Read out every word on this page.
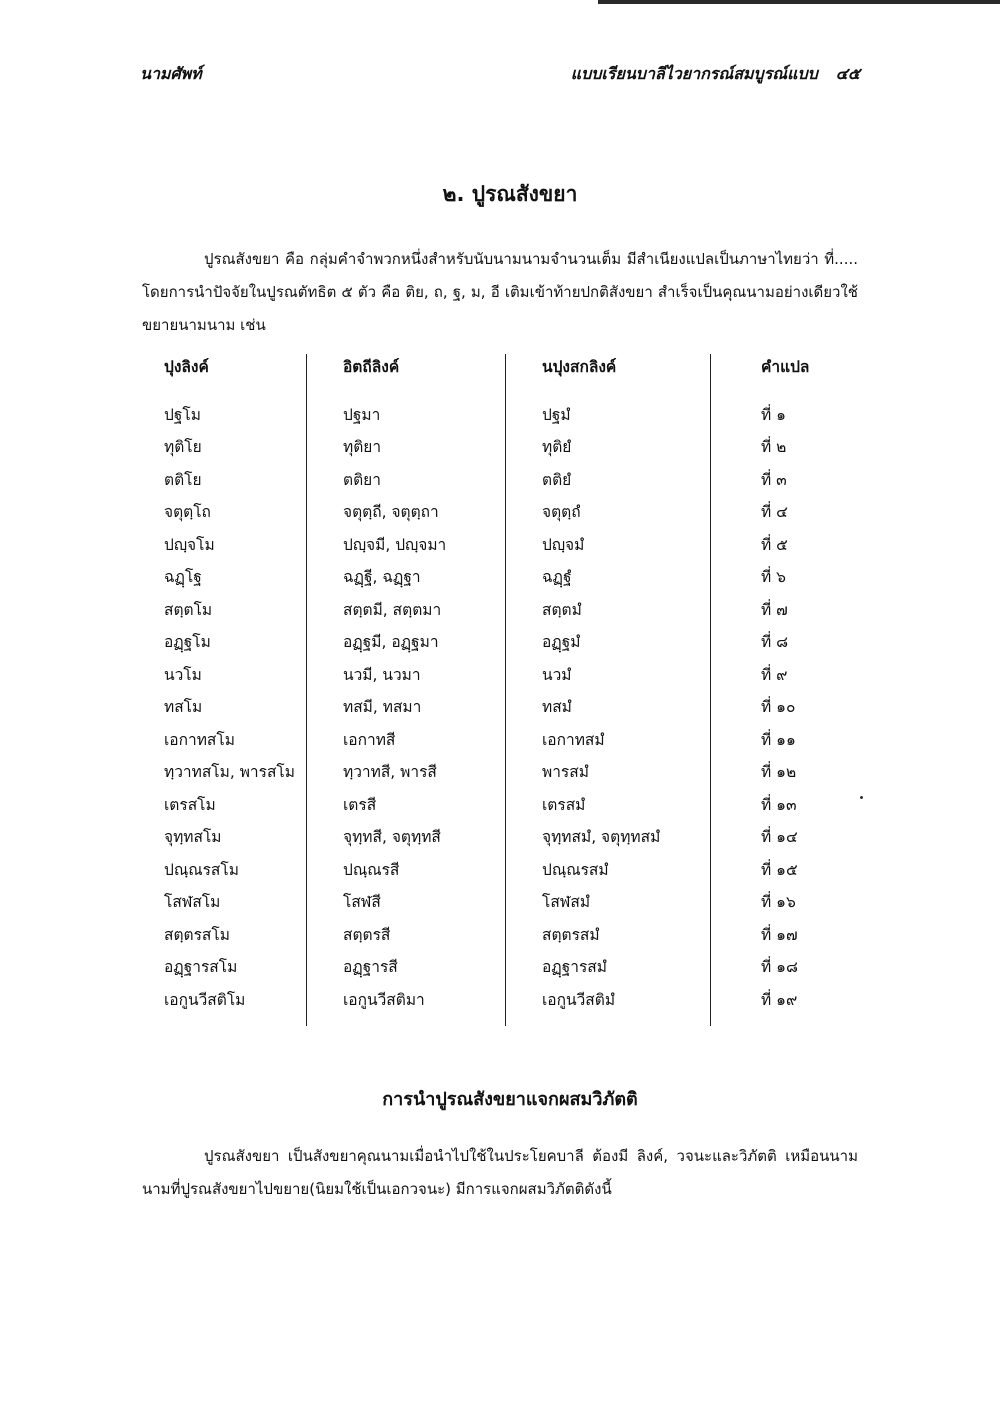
นามศัพท์	แบบเรียนบาลีไวยากรณ์สมบูรณ์แบบ ๔๕
๒. ปูรณสังขยา
ปูรณสังขยา คือ กลุ่มคำจำพวกหนึ่งสำหรับนับนามนามจำนวนเต็ม มีสำเนียงแปลเป็นภาษาไทยว่า ที่..... โดยการนำปัจจัยในปูรณตัทธิต ๕ ตัว คือ ติย, ถ, ฐ, ม, อี เติมเข้าท้ายปกติสังขยา สำเร็จเป็นคุณนามอย่างเดียวใช้ขยายนามนาม เช่น
ปุงลิงค์	อิตถีลิงค์	นปุงสกลิงค์	คำแปล
ปฐโม	ปฐมา	ปฐมํ	ที่ ๑
ทุติโย	ทุติยา	ทุติยํ	ที่ ๒
ตติโย	ตติยา	ตติยํ	ที่ ๓
จตุตฺโถ	จตุตฺถี, จตุตฺถา	จตุตฺถํ	ที่ ๔
ปญฺจโม	ปญฺจมี, ปญฺจมา	ปญฺจมํ	ที่ ๕
ฉฏฺโฐ	ฉฏฺฐี, ฉฏฺฐา	ฉฏฺฐํ	ที่ ๖
สตฺตโม	สตฺตมี, สตฺตมา	สตฺตมํ	ที่ ๗
อฏฺฐโม	อฏฺฐมี, อฏฺฐมา	อฏฺฐมํ	ที่ ๘
นวโม	นวมี, นวมา	นวมํ	ที่ ๙
ทสโม	ทสมี, ทสมา	ทสมํ	ที่ ๑๐
เอกาทสโม	เอกาทสี	เอกาทสมํ	ที่ ๑๑
ทฺวาทสโม, พารสโม	ทฺวาทสี, พารสี	พารสมํ	ที่ ๑๒
เตรสโม	เตรสี	เตรสมํ	ที่ ๑๓
จุทฺทสโม	จุทฺทสี, จตุทฺทสี	จุทฺทสมํ, จตุทฺทสมํ	ที่ ๑๔
ปณฺณรสโม	ปณฺณรสี	ปณฺณรสมํ	ที่ ๑๕
โสฬสโม	โสฬสี	โสฬสมํ	ที่ ๑๖
สตฺตรสโม	สตฺตรสี	สตฺตรสมํ	ที่ ๑๗
อฏฺฐารสโม	อฏฺฐารสี	อฏฺฐารสมํ	ที่ ๑๘
เอกูนวีสติโม	เอกูนวีสติมา	เอกูนวีสติมํ	ที่ ๑๙
การนำปูรณสังขยาแจกผสมวิภัตติ
ปูรณสังขยา เป็นสังขยาคุณนามเมื่อนำไปใช้ในประโยคบาลี ต้องมี ลิงค์, วจนะและวิภัตติ เหมือนนามนามที่ปูรณสังขยาไปขยาย(นิยมใช้เป็นเอกวจนะ) มีการแจกผสมวิภัตติดังนี้
